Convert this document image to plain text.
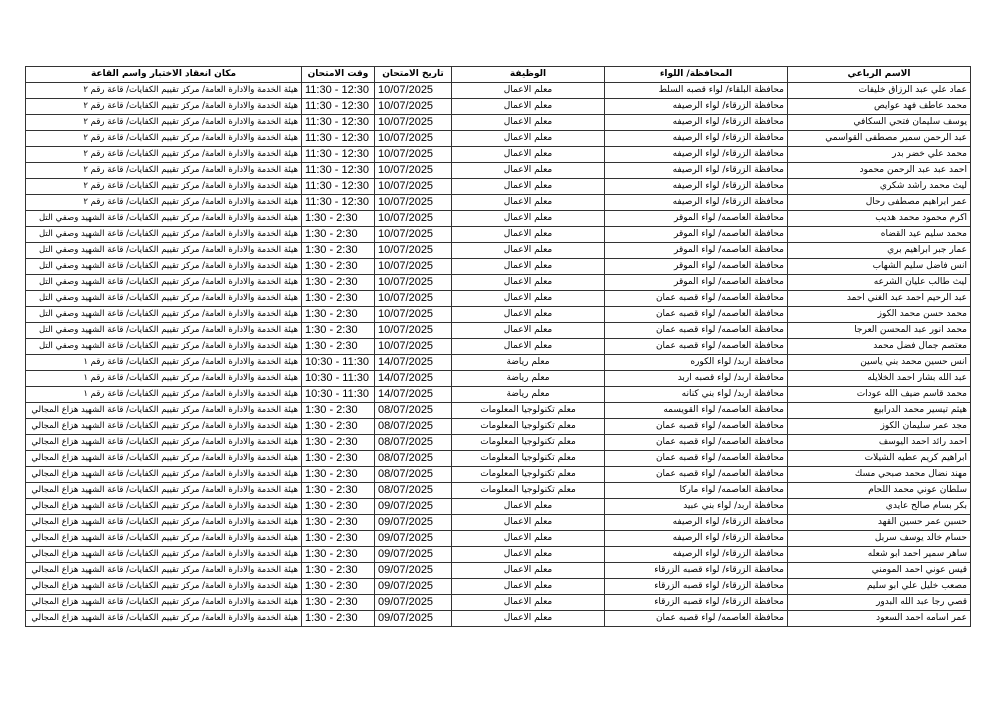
الاسم الرباعي	المحافظة/ اللواء	الوظيفة	تاريخ الامتحان	وقت الامتحان	مكان انعقاد الاختبار واسم القاعة
عماد علي عبد الرزاق خليفات	محافظة البلقاء/ لواء قصبه السلط	معلم الاعمال	10/07/2025	11:30 - 12:30	هيئة الخدمة والادارة العامة/ مركز تقييم الكفايات/ قاعة رقم ٢
محمد عاطف فهد عوايص	محافظة الزرقاء/ لواء الرصيفه	معلم الاعمال	10/07/2025	11:30 - 12:30	هيئة الخدمة والادارة العامة/ مركز تقييم الكفايات/ قاعة رقم ٢
يوسف سليمان فتحي السكافي	محافظة الزرقاء/ لواء الرصيفه	معلم الاعمال	10/07/2025	11:30 - 12:30	هيئة الخدمة والادارة العامة/ مركز تقييم الكفايات/ قاعة رقم ٢
عبد الرحمن سمير مصطفى القواسمي	محافظة الزرقاء/ لواء الرصيفه	معلم الاعمال	10/07/2025	11:30 - 12:30	هيئة الخدمة والادارة العامة/ مركز تقييم الكفايات/ قاعة رقم ٢
محمد علي خضر بدر	محافظة الزرقاء/ لواء الرصيفه	معلم الاعمال	10/07/2025	11:30 - 12:30	هيئة الخدمة والادارة العامة/ مركز تقييم الكفايات/ قاعة رقم ٢
احمد عبد عبد الرحمن محمود	محافظة الزرقاء/ لواء الرصيفه	معلم الاعمال	10/07/2025	11:30 - 12:30	هيئة الخدمة والادارة العامة/ مركز تقييم الكفايات/ قاعة رقم ٢
ليث محمد راشد شكري	محافظة الزرقاء/ لواء الرصيفه	معلم الاعمال	10/07/2025	11:30 - 12:30	هيئة الخدمة والادارة العامة/ مركز تقييم الكفايات/ قاعة رقم ٢
عمر ابراهيم مصطفى رحال	محافظة الزرقاء/ لواء الرصيفه	معلم الاعمال	10/07/2025	11:30 - 12:30	هيئة الخدمة والادارة العامة/ مركز تقييم الكفايات/ قاعة رقم ٢
اكرم محمود محمد هديب	محافظة العاصمه/ لواء الموقر	معلم الاعمال	10/07/2025	1:30 - 2:30	هيئة الخدمة والادارة العامة/ مركز تقييم الكفايات/ قاعة الشهيد وصفي التل
محمد سليم عيد القضاه	محافظة العاصمه/ لواء الموقر	معلم الاعمال	10/07/2025	1:30 - 2:30	هيئة الخدمة والادارة العامة/ مركز تقييم الكفايات/ قاعة الشهيد وصفي التل
عمار جبر ابراهيم بري	محافظة العاصمه/ لواء الموقر	معلم الاعمال	10/07/2025	1:30 - 2:30	هيئة الخدمة والادارة العامة/ مركز تقييم الكفايات/ قاعة الشهيد وصفي التل
انس فاضل سليم الشهاب	محافظة العاصمه/ لواء الموقر	معلم الاعمال	10/07/2025	1:30 - 2:30	هيئة الخدمة والادارة العامة/ مركز تقييم الكفايات/ قاعة الشهيد وصفي التل
ليث طالب عليان الشرعه	محافظة العاصمه/ لواء الموقر	معلم الاعمال	10/07/2025	1:30 - 2:30	هيئة الخدمة والادارة العامة/ مركز تقييم الكفايات/ قاعة الشهيد وصفي التل
عبد الرحيم احمد عبد الغني احمد	محافظة العاصمه/ لواء قصبه عمان	معلم الاعمال	10/07/2025	1:30 - 2:30	هيئة الخدمة والادارة العامة/ مركز تقييم الكفايات/ قاعة الشهيد وصفي التل
محمد حسن محمد الكوز	محافظة العاصمه/ لواء قصبه عمان	معلم الاعمال	10/07/2025	1:30 - 2:30	هيئة الخدمة والادارة العامة/ مركز تقييم الكفايات/ قاعة الشهيد وصفي التل
محمد انور عبد المحسن العرجا	محافظة العاصمه/ لواء قصبه عمان	معلم الاعمال	10/07/2025	1:30 - 2:30	هيئة الخدمة والادارة العامة/ مركز تقييم الكفايات/ قاعة الشهيد وصفي التل
معتصم جمال فضل محمد	محافظة العاصمه/ لواء قصبه عمان	معلم الاعمال	10/07/2025	1:30 - 2:30	هيئة الخدمة والادارة العامة/ مركز تقييم الكفايات/ قاعة الشهيد وصفي التل
انس حسين محمد بني ياسين	محافظة اربد/ لواء الكوره	معلم رياضة	14/07/2025	10:30 - 11:30	هيئة الخدمة والادارة العامة/ مركز تقييم الكفايات/ قاعة رقم ١
عبد الله بشار احمد الخلايله	محافظة اربد/ لواء قصبه اربد	معلم رياضة	14/07/2025	10:30 - 11:30	هيئة الخدمة والادارة العامة/ مركز تقييم الكفايات/ قاعة رقم ١
محمد قاسم ضيف الله عودات	محافظة اربد/ لواء بني كنانه	معلم رياضة	14/07/2025	10:30 - 11:30	هيئة الخدمة والادارة العامة/ مركز تقييم الكفايات/ قاعة رقم ١
هيثم تيسير محمد الدرابيع	محافظة العاصمه/ لواء القويسمه	معلم تكنولوجيا المعلومات	08/07/2025	1:30 - 2:30	هيئة الخدمة والادارة العامة/ مركز تقييم الكفايات/ قاعة الشهيد هزاع المجالي
مجد عمر سليمان الكوز	محافظة العاصمه/ لواء قصبه عمان	معلم تكنولوجيا المعلومات	08/07/2025	1:30 - 2:30	هيئة الخدمة والادارة العامة/ مركز تقييم الكفايات/ قاعة الشهيد هزاع المجالي
احمد رائد احمد اليوسف	محافظة العاصمه/ لواء قصبه عمان	معلم تكنولوجيا المعلومات	08/07/2025	1:30 - 2:30	هيئة الخدمة والادارة العامة/ مركز تقييم الكفايات/ قاعة الشهيد هزاع المجالي
ابراهيم كريم عطيه الشيلات	محافظة العاصمه/ لواء قصبه عمان	معلم تكنولوجيا المعلومات	08/07/2025	1:30 - 2:30	هيئة الخدمة والادارة العامة/ مركز تقييم الكفايات/ قاعة الشهيد هزاع المجالي
مهند نضال محمد صبحي مسك	محافظة العاصمه/ لواء قصبه عمان	معلم تكنولوجيا المعلومات	08/07/2025	1:30 - 2:30	هيئة الخدمة والادارة العامة/ مركز تقييم الكفايات/ قاعة الشهيد هزاع المجالي
سلطان عوني محمد اللحام	محافظة العاصمه/ لواء ماركا	معلم تكنولوجيا المعلومات	08/07/2025	1:30 - 2:30	هيئة الخدمة والادارة العامة/ مركز تقييم الكفايات/ قاعة الشهيد هزاع المجالي
بكر بسام صالح عايدي	محافظة اربد/ لواء بني عبيد	معلم الاعمال	09/07/2025	1:30 - 2:30	هيئة الخدمة والادارة العامة/ مركز تقييم الكفايات/ قاعة الشهيد هزاع المجالي
حسين عمر حسين القهد	محافظة الزرقاء/ لواء الرصيفه	معلم الاعمال	09/07/2025	1:30 - 2:30	هيئة الخدمة والادارة العامة/ مركز تقييم الكفايات/ قاعة الشهيد هزاع المجالي
حسام خالد يوسف سربل	محافظة الزرقاء/ لواء الرصيفه	معلم الاعمال	09/07/2025	1:30 - 2:30	هيئة الخدمة والادارة العامة/ مركز تقييم الكفايات/ قاعة الشهيد هزاع المجالي
ساهر سمير احمد ابو شعله	محافظة الزرقاء/ لواء الرصيفه	معلم الاعمال	09/07/2025	1:30 - 2:30	هيئة الخدمة والادارة العامة/ مركز تقييم الكفايات/ قاعة الشهيد هزاع المجالي
قيس عوني احمد المومني	محافظة الزرقاء/ لواء قصبه الزرقاء	معلم الاعمال	09/07/2025	1:30 - 2:30	هيئة الخدمة والادارة العامة/ مركز تقييم الكفايات/ قاعة الشهيد هزاع المجالي
مصعب خليل علي ابو سليم	محافظة الزرقاء/ لواء قصبه الزرقاء	معلم الاعمال	09/07/2025	1:30 - 2:30	هيئة الخدمة والادارة العامة/ مركز تقييم الكفايات/ قاعة الشهيد هزاع المجالي
قصي رجا عبد الله البدور	محافظة الزرقاء/ لواء قصبه الزرقاء	معلم الاعمال	09/07/2025	1:30 - 2:30	هيئة الخدمة والادارة العامة/ مركز تقييم الكفايات/ قاعة الشهيد هزاع المجالي
عمر اسامه احمد السعود	محافظة العاصمه/ لواء قصبه عمان	معلم الاعمال	09/07/2025	1:30 - 2:30	هيئة الخدمة والادارة العامة/ مركز تقييم الكفايات/ قاعة الشهيد هزاع المجالي
